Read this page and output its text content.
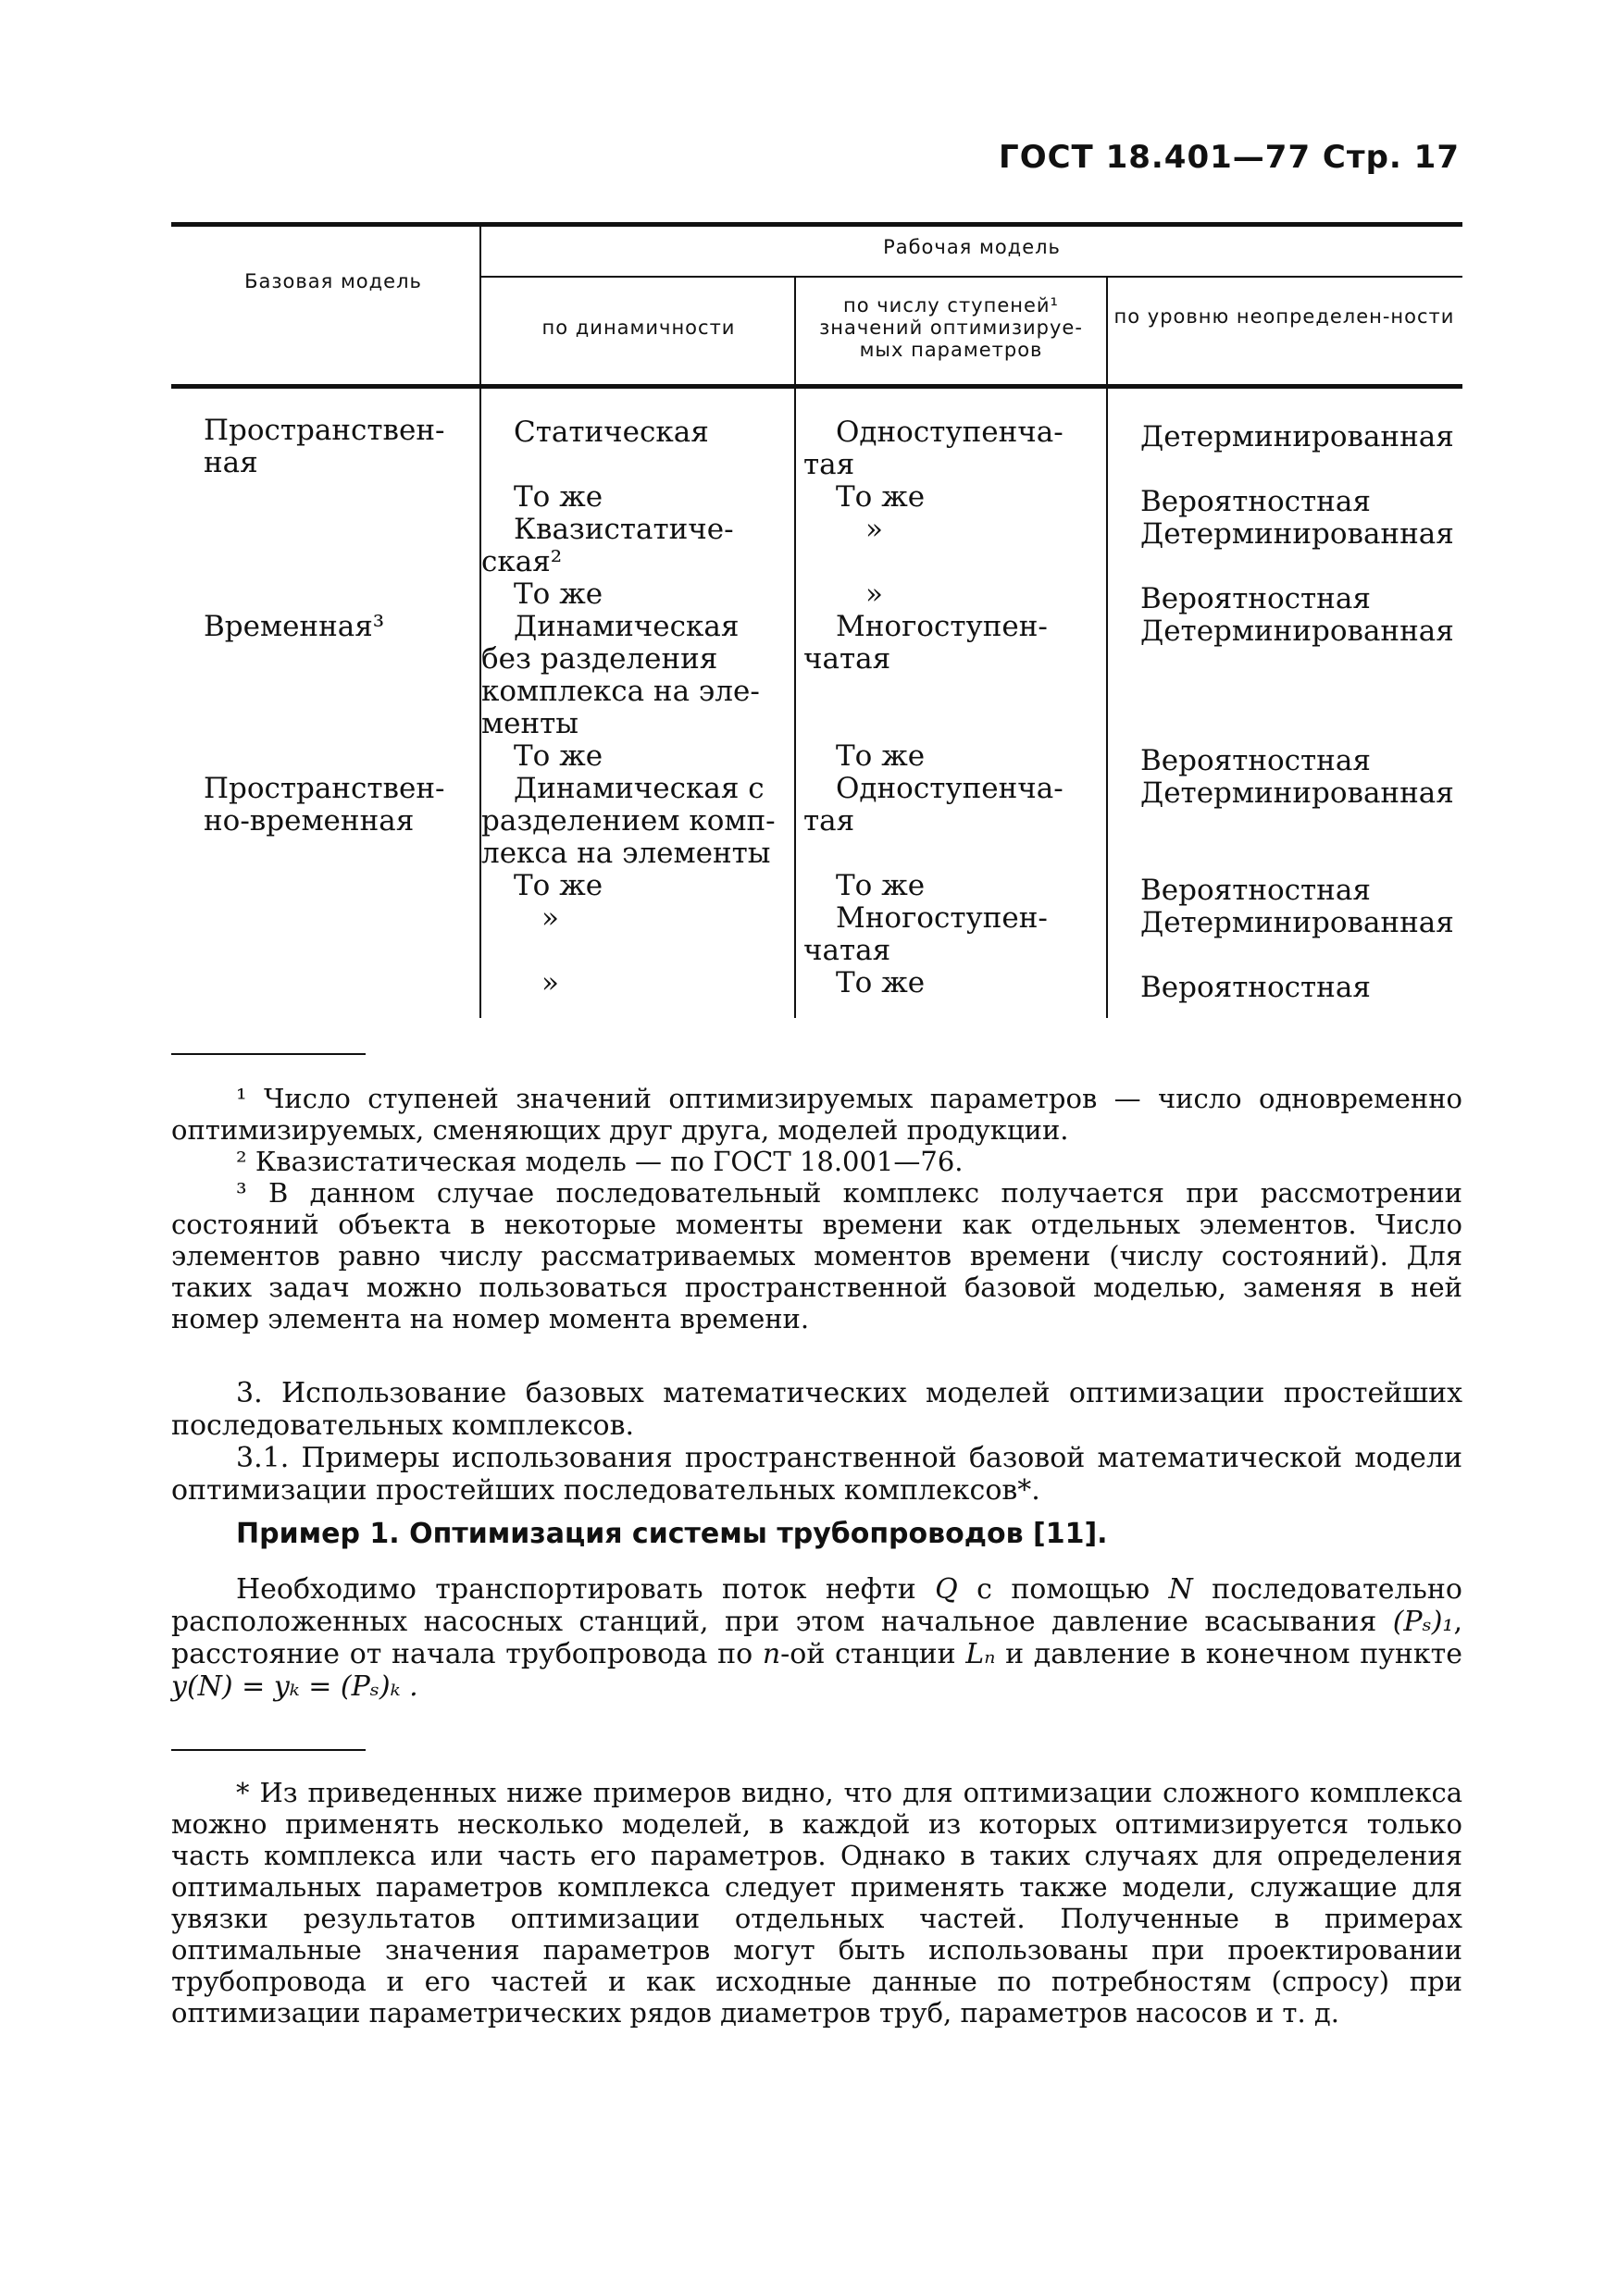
ГОСТ 18.401—77 Стр. 17
Базовая модель
Рабочая модель
по динамичности
по числу ступеней¹ значений оптимизируе-мых параметров
по уровню неопределен-ности
Пространствен-
ная
Временная³
Пространствен-
но-временная
Статическая
То же
Квазистатиче-
ская²
То же
Динамическая
без разделения
комплекса на эле-
менты
То же
Динамическая с
разделением комп-
лекса на элементы
То же
»
»
Одноступенча-
тая
То же
»
»
Многоступен-
чатая
То же
Одноступенча-
тая
То же
Многоступен-
чатая
То же
Детерминированная
Вероятностная
Детерминированная
Вероятностная
Детерминированная
Вероятностная
Детерминированная
Вероятностная
Детерминированная
Вероятностная
¹ Число ступеней значений оптимизируемых параметров — число одновременно оптимизируемых, сменяющих друг друга, моделей продукции.
² Квазистатическая модель — по ГОСТ 18.001—76.
³ В данном случае последовательный комплекс получается при рассмотрении состояний объекта в некоторые моменты времени как отдельных элементов. Число элементов равно числу рассматриваемых моментов времени (числу состояний). Для таких задач можно пользоваться пространственной базовой моделью, заменяя в ней номер элемента на номер момента времени.
3. Использование базовых математических моделей оптимизации простейших последовательных комплексов.
3.1. Примеры использования пространственной базовой математической модели оптимизации простейших последовательных комплексов*.
Пример 1. Оптимизация системы трубопроводов [11].
Необходимо транспортировать поток нефти Q с помощью N последовательно расположенных насосных станций, при этом начальное давление всасывания (Pₛ)₁, расстояние от начала трубопровода по n-ой станции Lₙ и давление в конечном пункте y(N) = yₖ = (Pₛ)ₖ .
* Из приведенных ниже примеров видно, что для оптимизации сложного комплекса можно применять несколько моделей, в каждой из которых оптимизируется только часть комплекса или часть его параметров. Однако в таких случаях для определения оптимальных параметров комплекса следует применять также модели, служащие для увязки результатов оптимизации отдельных частей. Полученные в примерах оптимальные значения параметров могут быть использованы при проектировании трубопровода и его частей и как исходные данные по потребностям (спросу) при оптимизации параметрических рядов диаметров труб, параметров насосов и т. д.
